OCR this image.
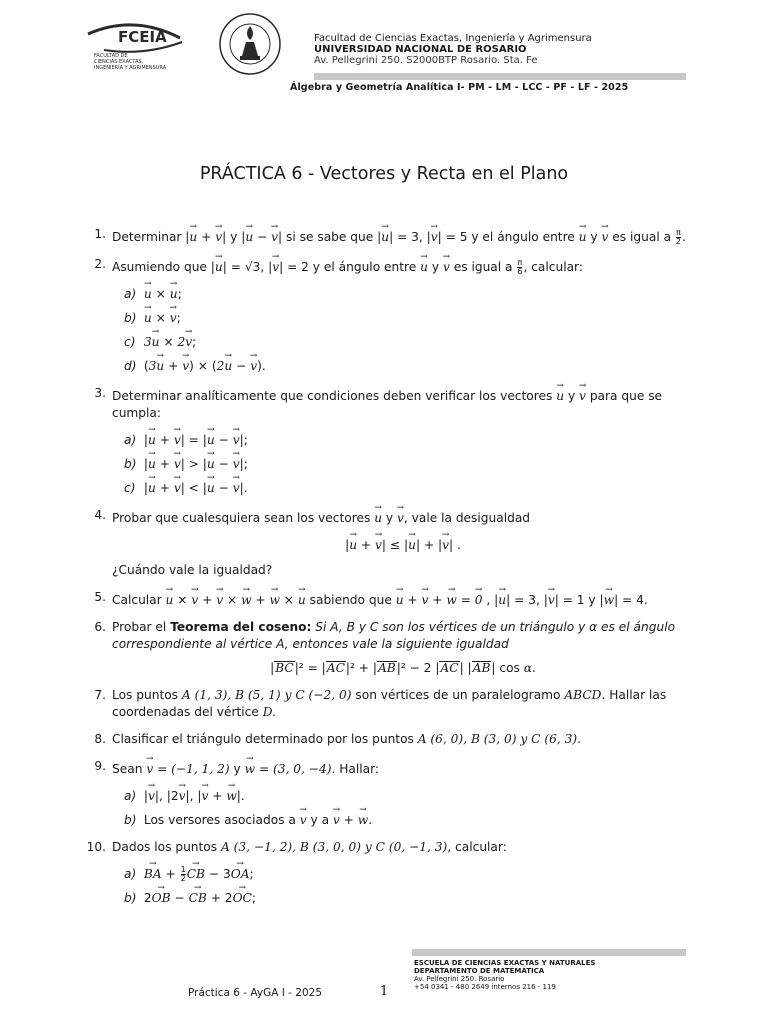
FCEIA
FACULTAD DE
CIENCIAS EXACTAS,
INGENIERÍA Y AGRIMENSURA
Facultad de Ciencias Exactas, Ingeniería y Agrimensura
UNIVERSIDAD NACIONAL DE ROSARIO
Av. Pellegrini 250. S2000BTP Rosario. Sta. Fe
Álgebra y Geometría Analítica I- PM - LM - LCC - PF - LF - 2025
PRÁCTICA 6 - Vectores y Recta en el Plano
1. Determinar |→ u + → v| y |→ u − → v| si se sabe que |→ u| = 3, |→ v| = 5 y el ángulo entre → u y → v es igual a $\frac{\pi}{2}$ .
2. Asumiendo que |→ u| = √3, |→ v| = 2 y el ángulo entre → u y → v es igual a $\frac{\pi}{6}$ , calcular:
a) → u × → u;
b) → u × → v;
c) 3→ u × 2→ v;
d) (3→ u + → v) × (2→ u − → v).
3. Determinar analíticamente que condiciones deben verificar los vectores → u y → v para que se cumpla:
a) |→ u + → v| = |→ u − → v|;
b) |→ u + → v| > |→ u − → v|;
c) |→ u + → v| < |→ u − → v|.
4. Probar que cualesquiera sean los vectores → u y → v, vale la desigualdad
|→ u + → v| ≤ |→ u| + |→ v| .
¿Cuándo vale la igualdad?
5. Calcular → u × → v + → v × → w + → w × → u sabiendo que → u + → v + → w = → 0 , |→ u| = 3, |→ v| = 1 y |→ w| = 4.
6. Probar el Teorema del coseno: Si A, B y C son los vértices de un triángulo y α es el ángulo correspondiente al vértice A, entonces vale la siguiente igualdad
|BC|² = |AC|² + |AB|² − 2 |AC| |AB| cos α.
7. Los puntos A (1, 3), B (5, 1) y C (−2, 0) son vértices de un paralelogramo ABCD. Hallar las coordenadas del vértice D.
8. Clasificar el triángulo determinado por los puntos A (6, 0), B (3, 0) y C (6, 3).
9. Sean → v = (−1, 1, 2) y → w = (3, 0, −4). Hallar:
a) |→ v|, |2→ v|, |→ v + → w|.
b) Los versores asociados a → v y a → v + → w.
10. Dados los puntos A (3, −1, 2), B (3, 0, 0) y C (0, −1, 3), calcular:
a) → BA + $\frac{1}{2}$ → CB − 3→ OA;
b) 2→ OB − → CB + 2→ OC;
ESCUELA DE CIENCIAS EXACTAS Y NATURALES
DEPARTAMENTO DE MATEMÁTICA
Av. Pellegrini 250. Rosario
+54 0341 - 480 2649 internos 216 - 119
Práctica 6 - AyGA I - 2025	1
